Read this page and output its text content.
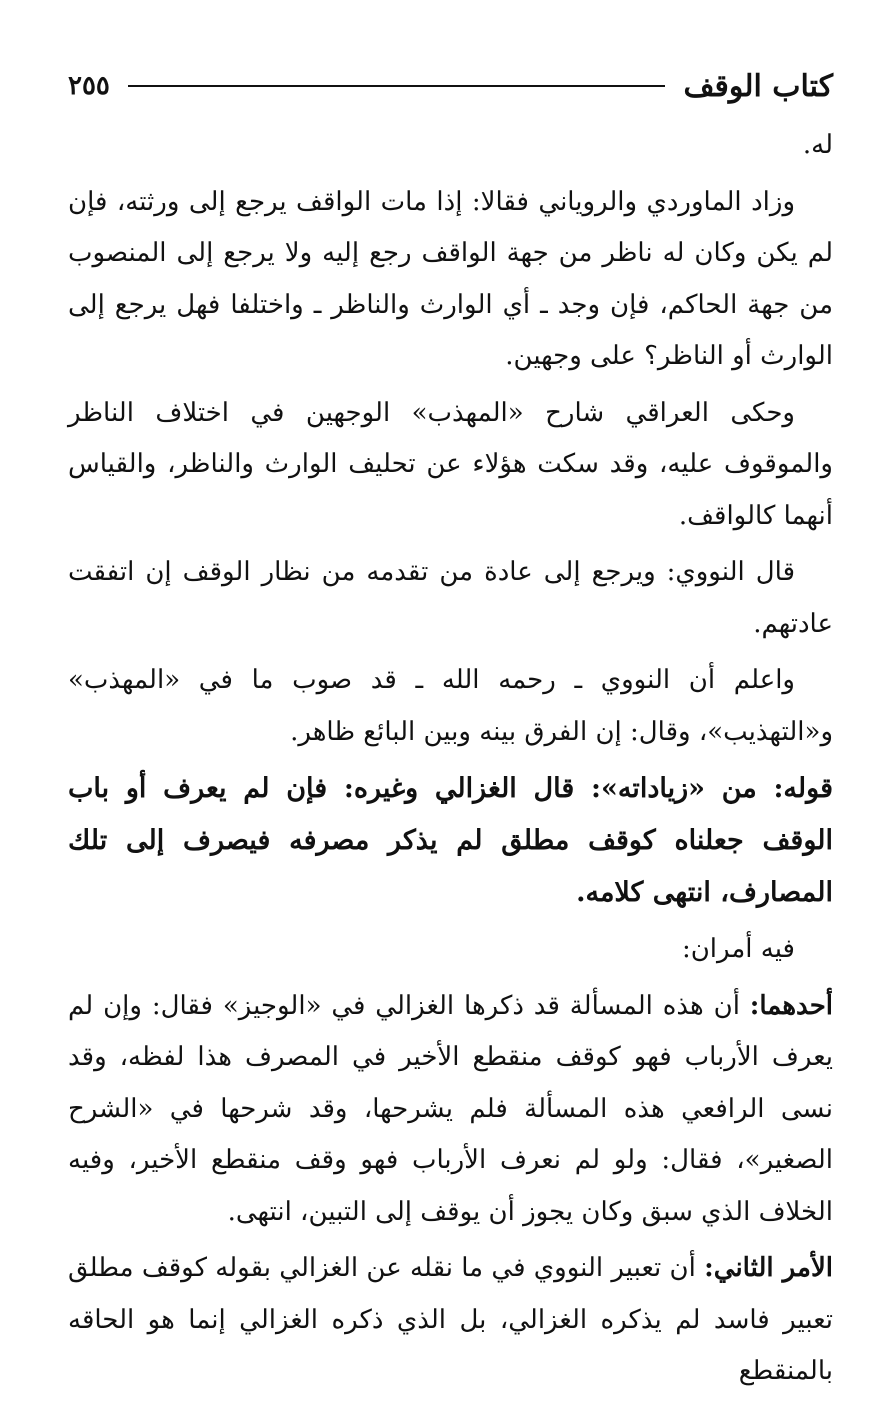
كتاب الوقف
٢٥٥

له.

وزاد الماوردي والروياني فقالا: إذا مات الواقف يرجع إلى ورثته، فإن لم يكن وكان له ناظر من جهة الواقف رجع إليه ولا يرجع إلى المنصوب من جهة الحاكم، فإن وجد ـ أي الوارث والناظر ـ واختلفا فهل يرجع إلى الوارث أو الناظر؟ على وجهين.

وحكى العراقي شارح «المهذب» الوجهين في اختلاف الناظر والموقوف عليه، وقد سكت هؤلاء عن تحليف الوارث والناظر، والقياس أنهما كالواقف.

قال النووي: ويرجع إلى عادة من تقدمه من نظار الوقف إن اتفقت عادتهم.

واعلم أن النووي ـ رحمه الله ـ قد صوب ما في «المهذب» و«التهذيب»، وقال: إن الفرق بينه وبين البائع ظاهر.

قوله: من «زياداته»: قال الغزالي وغيره: فإن لم يعرف أو باب الوقف جعلناه كوقف مطلق لم يذكر مصرفه فيصرف إلى تلك المصارف، انتهى كلامه.

فيه أمران:

أحدهما: أن هذه المسألة قد ذكرها الغزالي في «الوجيز» فقال: وإن لم يعرف الأرباب فهو كوقف منقطع الأخير في المصرف هذا لفظه، وقد نسى الرافعي هذه المسألة فلم يشرحها، وقد شرحها في «الشرح الصغير»، فقال: ولو لم نعرف الأرباب فهو وقف منقطع الأخير، وفيه الخلاف الذي سبق وكان يجوز أن يوقف إلى التبين، انتهى.

الأمر الثاني: أن تعبير النووي في ما نقله عن الغزالي بقوله كوقف مطلق تعبير فاسد لم يذكره الغزالي، بل الذي ذكره الغزالي إنما هو الحاقه بالمنقطع
